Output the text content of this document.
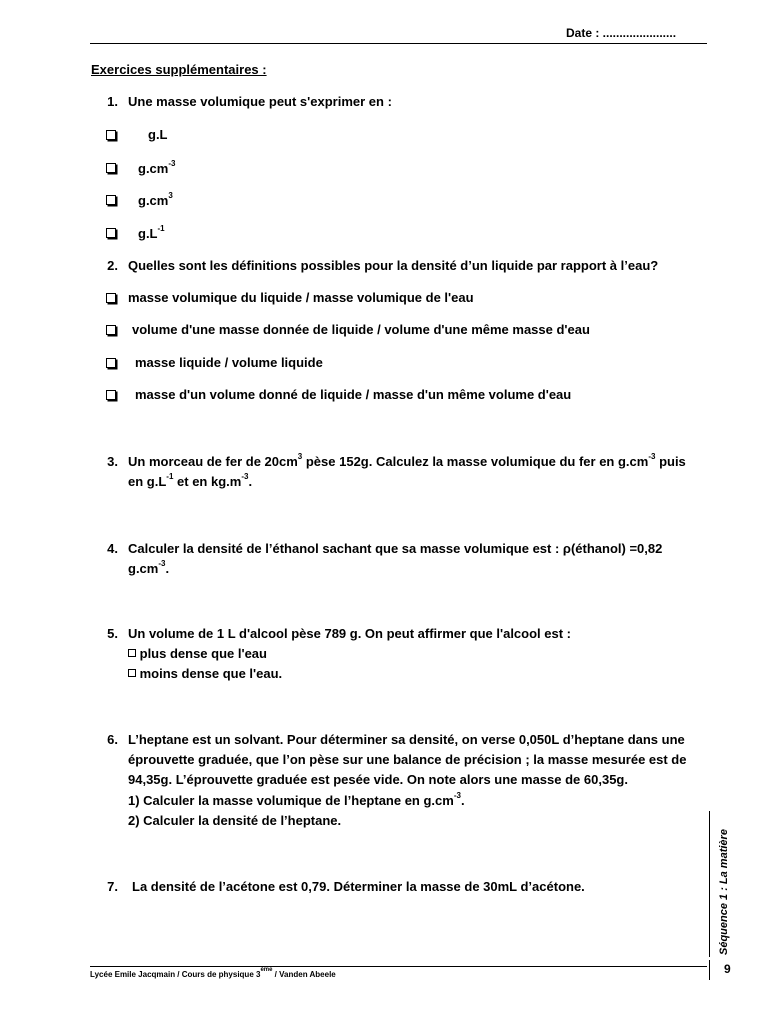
Date : ......................
Exercices supplémentaires :
1. Une masse volumique peut s'exprimer en :
g.L
$g.cm^{-3}$
$g.cm^3$
$g.L^{-1}$
2. Quelles sont les définitions possibles pour la densité d’un liquide par rapport à l’eau?
masse volumique du liquide / masse volumique de l'eau
volume d'une masse donnée de liquide / volume d'une même masse d'eau
masse liquide / volume liquide
masse d'un volume donné de liquide / masse d'un même volume d'eau
3. Un morceau de fer de $20cm^3$ pèse 152g. Calculez la masse volumique du fer en $g.cm^{-3}$ puis
en $g.L^{-1}$ et en $kg.m^{-3}$.
4. Calculer la densité de l’éthanol sachant que sa masse volumique est : ρ(éthanol) =0,82
$g.cm^{-3}$.
5. Un volume de 1 L d'alcool pèse 789 g. On peut affirmer que l'alcool est :
plus dense que l'eau
moins dense que l'eau.
6. L’heptane est un solvant. Pour déterminer sa densité, on verse 0,050L d’heptane dans une
éprouvette graduée, que l’on pèse sur une balance de précision ; la masse mesurée est de
94,35g. L’éprouvette graduée est pesée vide. On note alors une masse de 60,35g.
1) Calculer la masse volumique de l’heptane en $g.cm^{-3}$.
2) Calculer la densité de l’heptane.
7. La densité de l’acétone est 0,79. Déterminer la masse de 30mL d’acétone.	Séquence 1 : La matière
Lycée Emile Jacqmain / Cours de physique 3ème / Vanden Abeele	9
